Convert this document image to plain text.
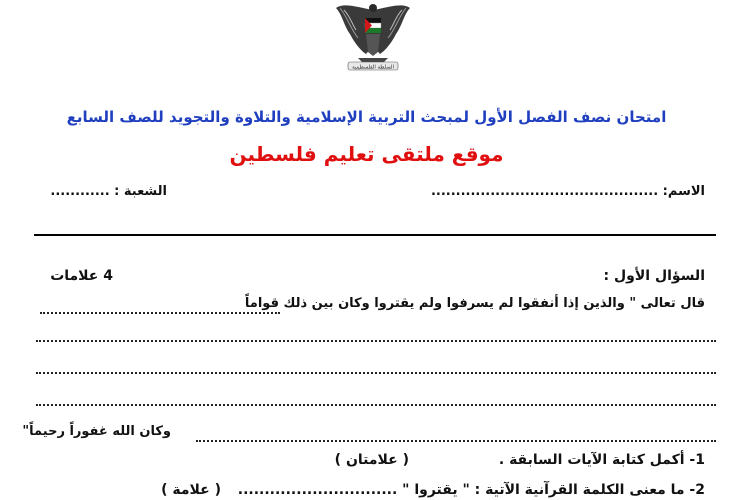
السلطة الفلسطينية
امتحان نصف الفصل الأول لمبحث التربية الإسلامية والتلاوة والتجويد للصف السابع
موقع ملتقى تعليم فلسطين
الاسم: ..............................................
الشعبة : ............
السؤال الأول :
4 علامات
قال تعالى " والذين إذا أنفقوا لم يسرفوا ولم يقتروا وكان بين ذلك قواماً
وكان الله غفوراً رحيماً"
1- أكمل كتابة الآيات السابقة .
( علامتان )
2- ما معنى الكلمة القرآنية الآتية : " يقتروا " ..............................
( علامة )
